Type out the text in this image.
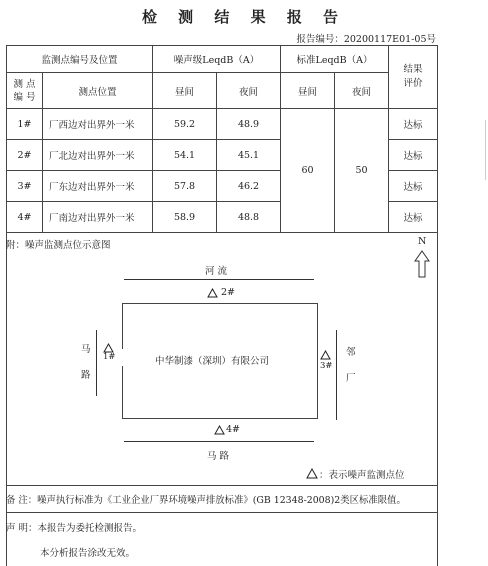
检 测 结 果 报 告
报告编号：20200117E01-05号
监测点编号及位置		噪声级LeqdB（A）		标准LeqdB（A）		结果
评价
测 点
编 号	测点位置	昼间	夜间	昼间	夜间	
1#	厂西边对出界外一米	59.2	48.9	60	50	达标
2#	厂北边对出界外一米	54.1	45.1			达标
3#	厂东边对出界外一米	57.8	46.2			达标
4#	厂南边对出界外一米	58.9	48.8			达标
附：噪声监测点位示意图	N
河 流
2#
中华制漆（深圳）有限公司
马
路
1#
3#
邻
厂
4#
马 路
：表示噪声监测点位
备 注：噪声执行标准为《工业企业厂界环境噪声排放标准》(GB 12348-2008)2类区标准限值。
声 明：本报告为委托检测报告。
本分析报告涂改无效。
